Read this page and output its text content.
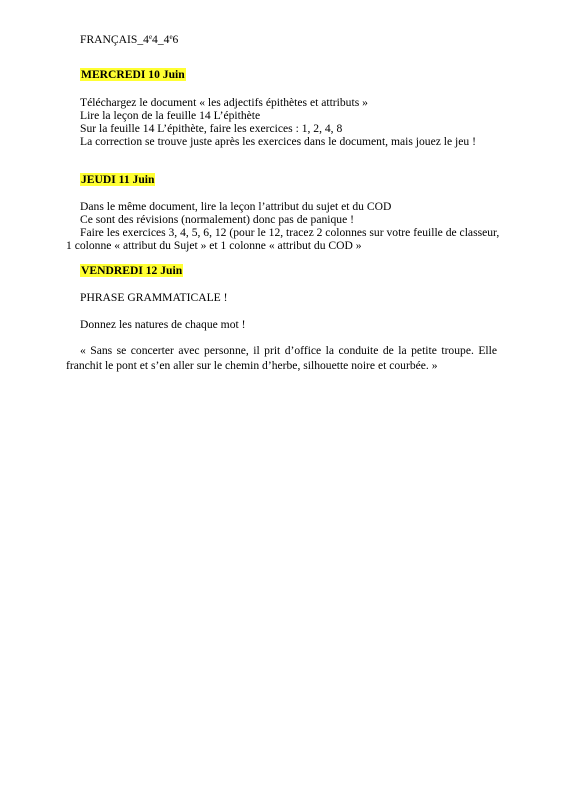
FRANÇAIS_4e4_4e6
MERCREDI 10 Juin
Téléchargez le document « les adjectifs épithètes et attributs »
Lire la leçon de la feuille 14 L’épithète
Sur la feuille 14 L’épithète, faire les exercices : 1, 2, 4, 8
La correction se trouve juste après les exercices dans le document, mais jouez le jeu !
JEUDI 11 Juin
Dans le même document, lire la leçon l’attribut du sujet et du COD
Ce sont des révisions (normalement) donc pas de panique !
Faire les exercices 3, 4, 5, 6, 12 (pour le 12, tracez 2 colonnes sur votre feuille de classeur,
1 colonne « attribut du Sujet » et 1 colonne « attribut du COD »
VENDREDI 12 Juin
PHRASE GRAMMATICALE !
Donnez les natures de chaque mot !

« Sans se concerter avec personne, il prit d’office la conduite de la petite troupe. Elle

franchit le pont et s’en aller sur le chemin d’herbe, silhouette noire et courbée. »
